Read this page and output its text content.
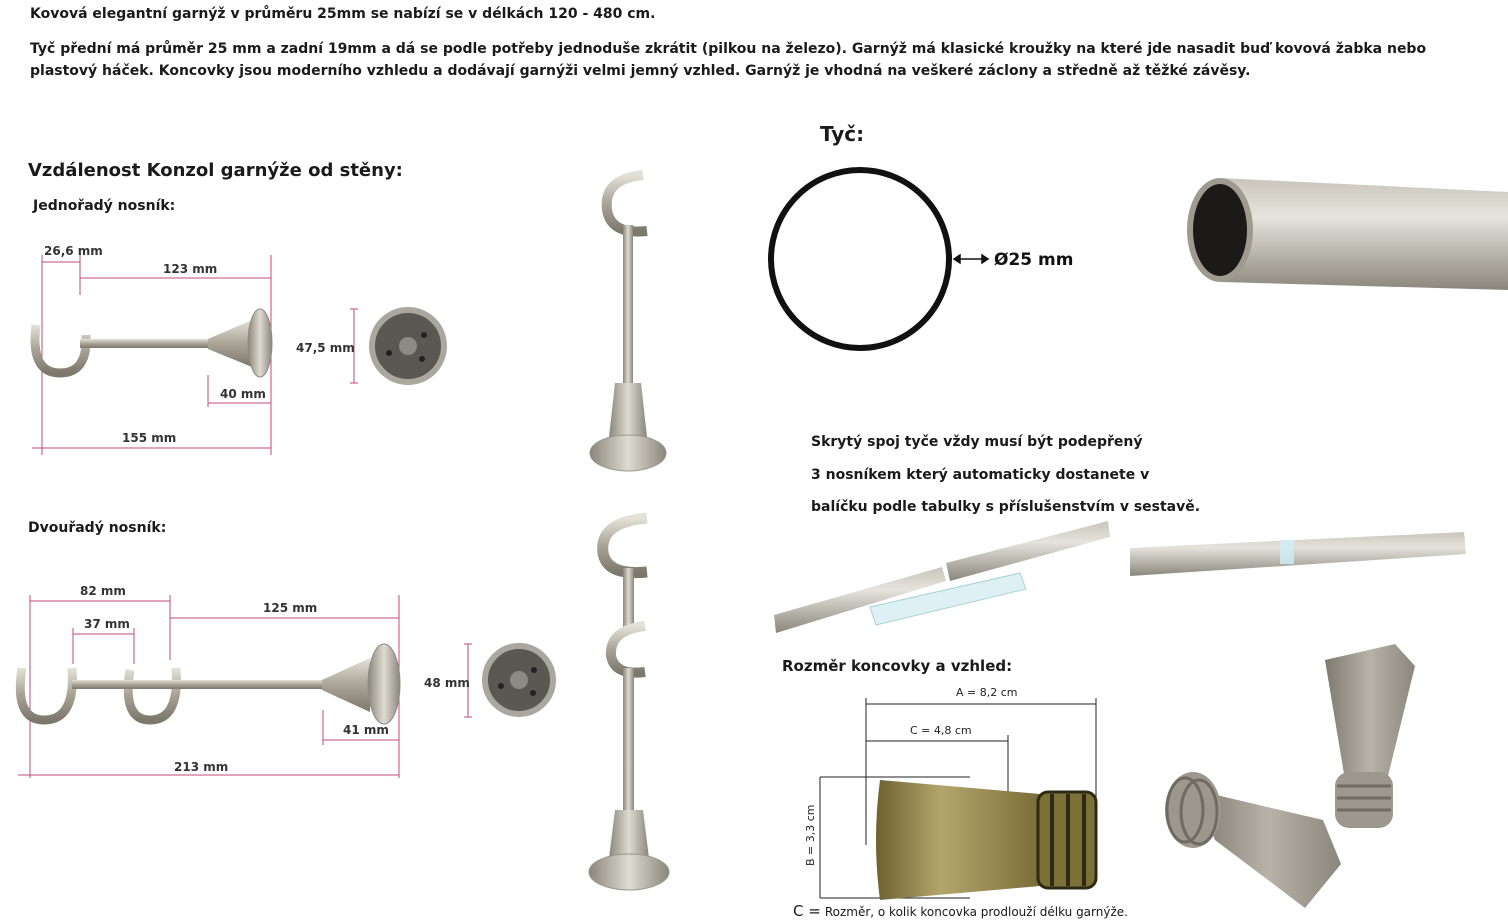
Kovová elegantní garnýž v průměru 25mm se nabízí se v délkách 120 - 480 cm.
Tyč přední má průměr 25 mm a zadní 19mm a dá se podle potřeby jednoduše zkrátit (pilkou na železo). Garnýž má klasické kroužky na které jde nasadit buď kovová žabka nebo plastový háček. Koncovky jsou moderního vzhledu a dodávají garnýži velmi jemný vzhled. Garnýž je vhodná na veškeré záclony a středně až těžké závěsy.
Vzdálenost Konzol garnýže od stěny:
Jednořadý nosník:
Dvouřadý nosník:
26,6 mm
123 mm
40 mm
155 mm
47,5 mm
82 mm
37 mm
125 mm
41 mm
213 mm
48 mm
Tyč:
Ø25 mm
Skrytý spoj tyče vždy musí být podepřený
3 nosníkem který automaticky dostanete v
balíčku podle tabulky s příslušenstvím v sestavě.
Rozměr koncovky a vzhled:
A = 8,2 cm
C = 4,8 cm
B = 3,3 cm
C = Rozměr, o kolik koncovka prodlouží délku garnýže.
